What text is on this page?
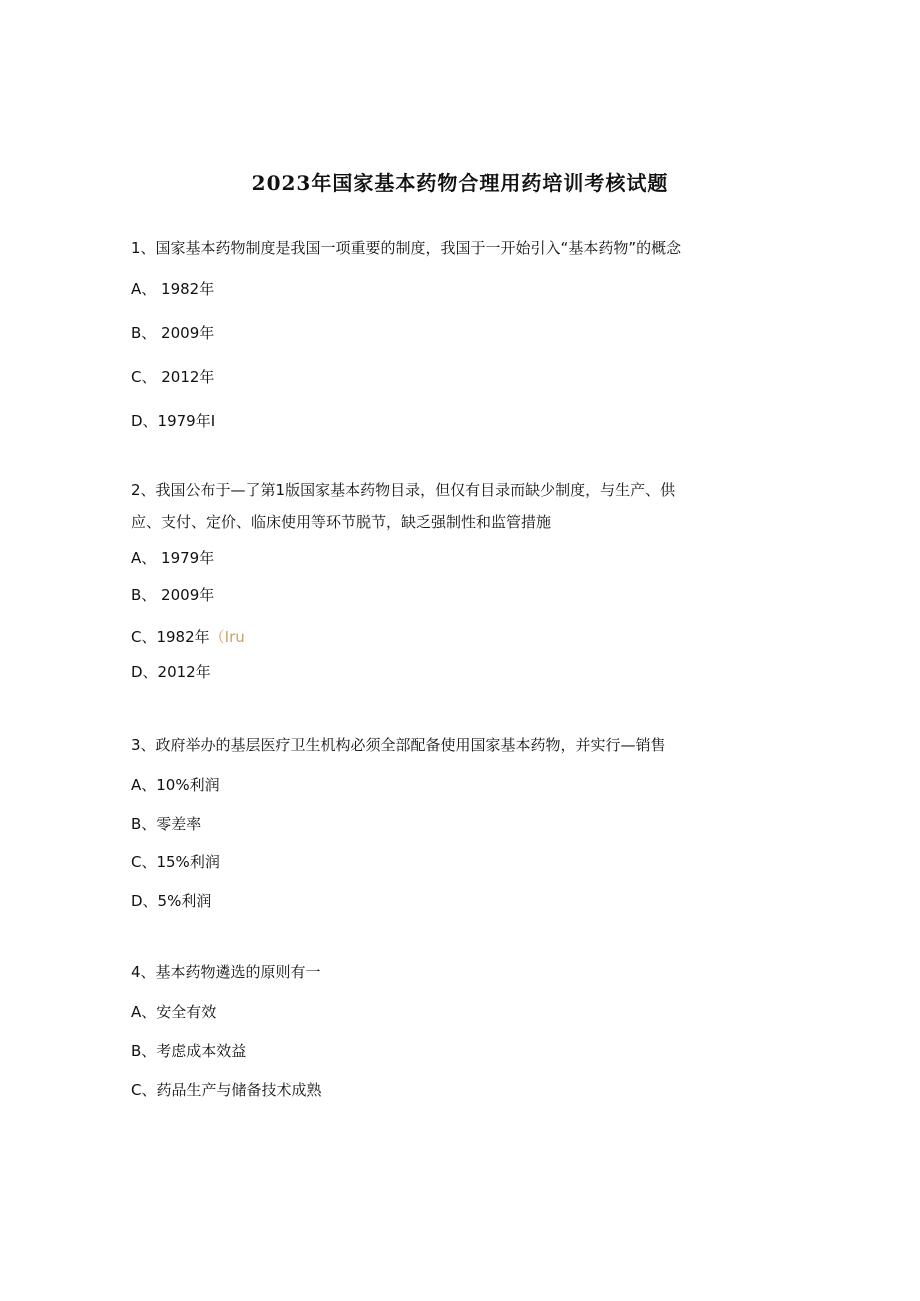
2023年国家基本药物合理用药培训考核试题
1、国家基本药物制度是我国一项重要的制度，我国于一开始引入“基本药物”的概念
A、 1982年
B、 2009年
C、 2012年
D、1979年I
2、我国公布于—了第1版国家基本药物目录，但仅有目录而缺少制度，与生产、供
应、支付、定价、临床使用等环节脱节，缺乏强制性和监管措施
A、 1979年
B、 2009年
C、1982年（Iru
D、2012年
3、政府举办的基层医疗卫生机构必须全部配备使用国家基本药物，并实行—销售
A、10%利润
B、零差率
C、15%利润
D、5%利润
4、基本药物遴选的原则有一
A、安全有效
B、考虑成本效益
C、药品生产与储备技术成熟
